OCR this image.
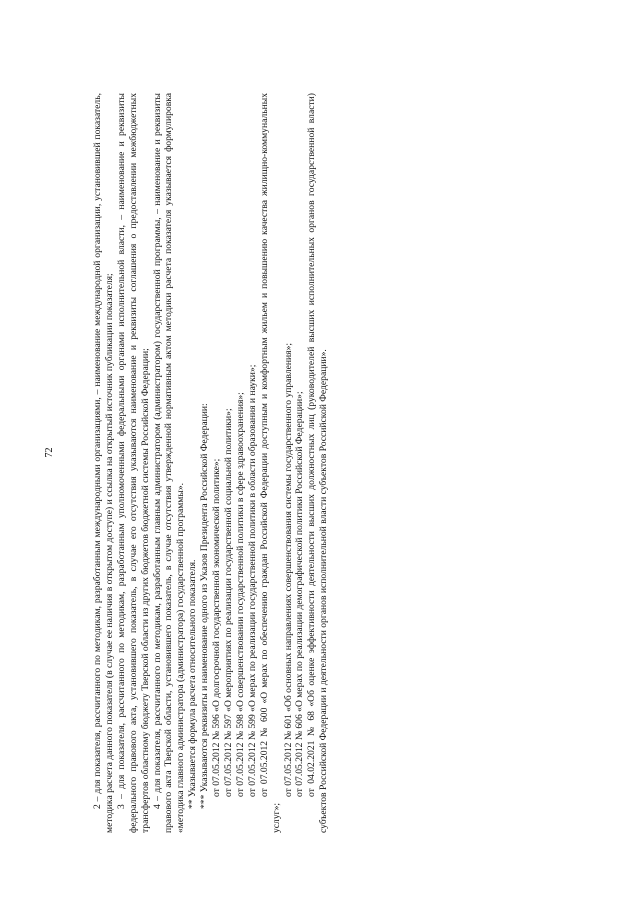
72	2 – для показателя, рассчитанного по методикам, разработанным международными организациями, – наименование международной организации, установившей показатель, методика расчета данного показателя (в случае ее наличия в открытом доступе) и ссылка на открытый источник публикации показателя; 3 – для показателя, рассчитанного по методикам, разработанным уполномоченными федеральными органами исполнительной власти, – наименование и реквизиты федерального правового акта, установившего показатель, в случае его отсутствия указываются наименование и реквизиты соглашения о предоставлении межбюджетных трансфертов областному бюджету Тверской области из других бюджетов бюджетной системы Российской Федерации; 4 – для показателя, рассчитанного по методикам, разработанным главным администратором (администратором) государственной программы, – наименование и реквизиты правового акта Тверской области, установившего показатель, в случае отсутствия утвержденной нормативным актом методики расчета показателя указывается формулировка «методика главного администратора (администратора) государственной программы». ** Указывается формула расчета относительного показателя. *** Указываются реквизиты и наименование одного из Указов Президента Российской Федерации: от 07.05.2012 № 596 «О долгосрочной государственной экономической политике»; от 07.05.2012 № 597 «О мероприятиях по реализации государственной социальной политики»; от 07.05.2012 № 598 «О совершенствовании государственной политики в сфере здравоохранения»; от 07.05.2012 № 599 «О мерах по реализации государственной политики в области образования и науки»; от 07.05.2012 № 600 «О мерах по обеспечению граждан Российской Федерации доступным и комфортным жильем и повышению качества жилищно-коммунальных услуг»;

от 07.05.2012 № 601 «Об основных направлениях совершенствования системы государственного управления»; от 07.05.2012 № 606 «О мерах по реализации демографической политики Российской Федерации»; от 04.02.2021 № 68 «Об оценке эффективности деятельности высших должностных лиц (руководителей высших исполнительных органов государственной власти) субъектов Российской Федерации и деятельности органов исполнительной власти субъектов Российской Федерации».
